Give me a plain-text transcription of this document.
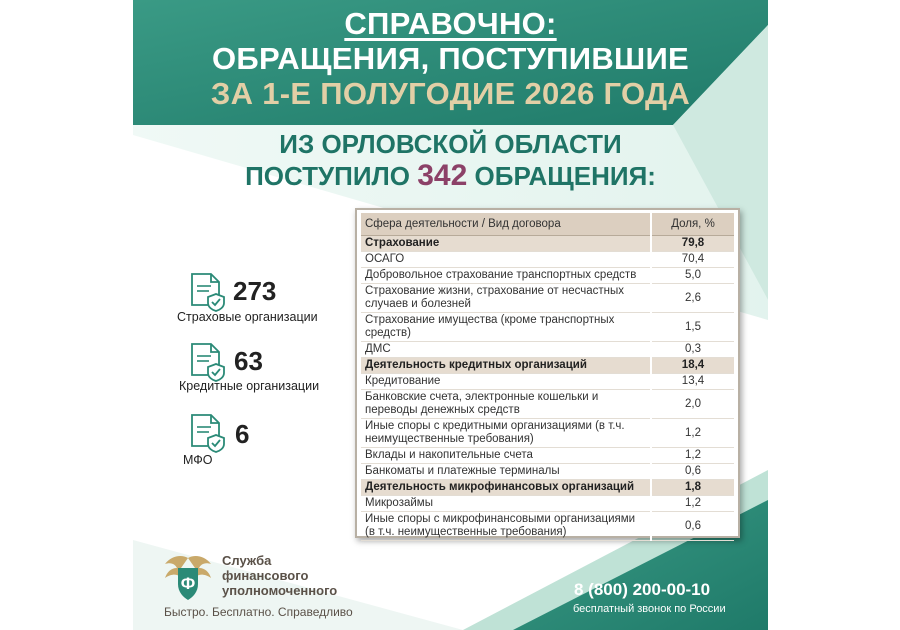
СПРАВОЧНО:
ОБРАЩЕНИЯ, ПОСТУПИВШИЕ
ЗА 1-Е ПОЛУГОДИЕ 2026 ГОДА
ИЗ ОРЛОВСКОЙ ОБЛАСТИ
ПОСТУПИЛО 342 ОБРАЩЕНИЯ:
273
Страховые организации
63
Кредитные организации
6
МФО
Сфера деятельности / Вид договора	Доля, %
Страхование	79,8
ОСАГО	70,4
Добровольное страхование транспортных средств	5,0
Страхование жизни, страхование от несчастных случаев и болезней	2,6
Страхование имущества (кроме транспортных средств)	1,5
ДМС	0,3
Деятельность кредитных организаций	18,4
Кредитование	13,4
Банковские счета, электронные кошельки и переводы денежных средств	2,0
Иные споры с кредитными организациями (в т.ч. неимущественные требования)	1,2
Вклады и накопительные счета	1,2
Банкоматы и платежные терминалы	0,6
Деятельность микрофинансовых организаций	1,8
Микрозаймы	1,2
Иные споры с микрофинансовыми организациями (в т.ч. неимущественные требования)	0,6
Ф
Служба
финансового
уполномоченного
Быстро. Бесплатно. Справедливо
8 (800) 200-00-10
бесплатный звонок по России
